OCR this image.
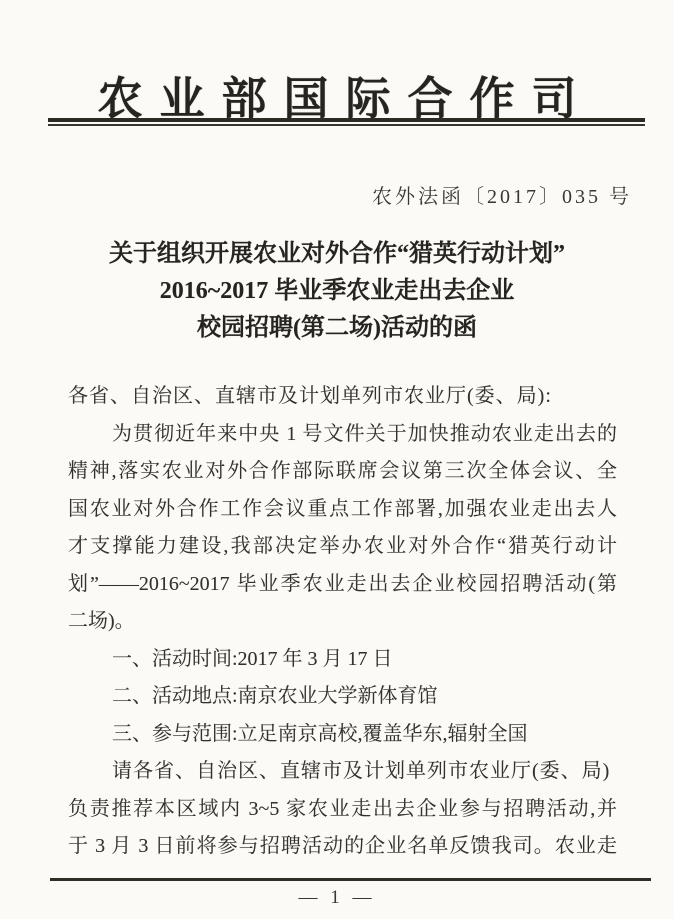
农业部国际合作司
农外法函〔2017〕035 号
关于组织开展农业对外合作“猎英行动计划”
2016~2017 毕业季农业走出去企业
校园招聘(第二场)活动的函
各省、自治区、直辖市及计划单列市农业厅(委、局):
为贯彻近年来中央 1 号文件关于加快推动农业走出去的
精神,落实农业对外合作部际联席会议第三次全体会议、全
国农业对外合作工作会议重点工作部署,加强农业走出去人
才支撑能力建设,我部决定举办农业对外合作“猎英行动计
划”——2016~2017 毕业季农业走出去企业校园招聘活动(第
二场)。
一、活动时间:2017 年 3 月 17 日
二、活动地点:南京农业大学新体育馆
三、参与范围:立足南京高校,覆盖华东,辐射全国
请各省、自治区、直辖市及计划单列市农业厅(委、局)
负责推荐本区域内 3~5 家农业走出去企业参与招聘活动,并
于 3 月 3 日前将参与招聘活动的企业名单反馈我司。农业走
— 1 —
